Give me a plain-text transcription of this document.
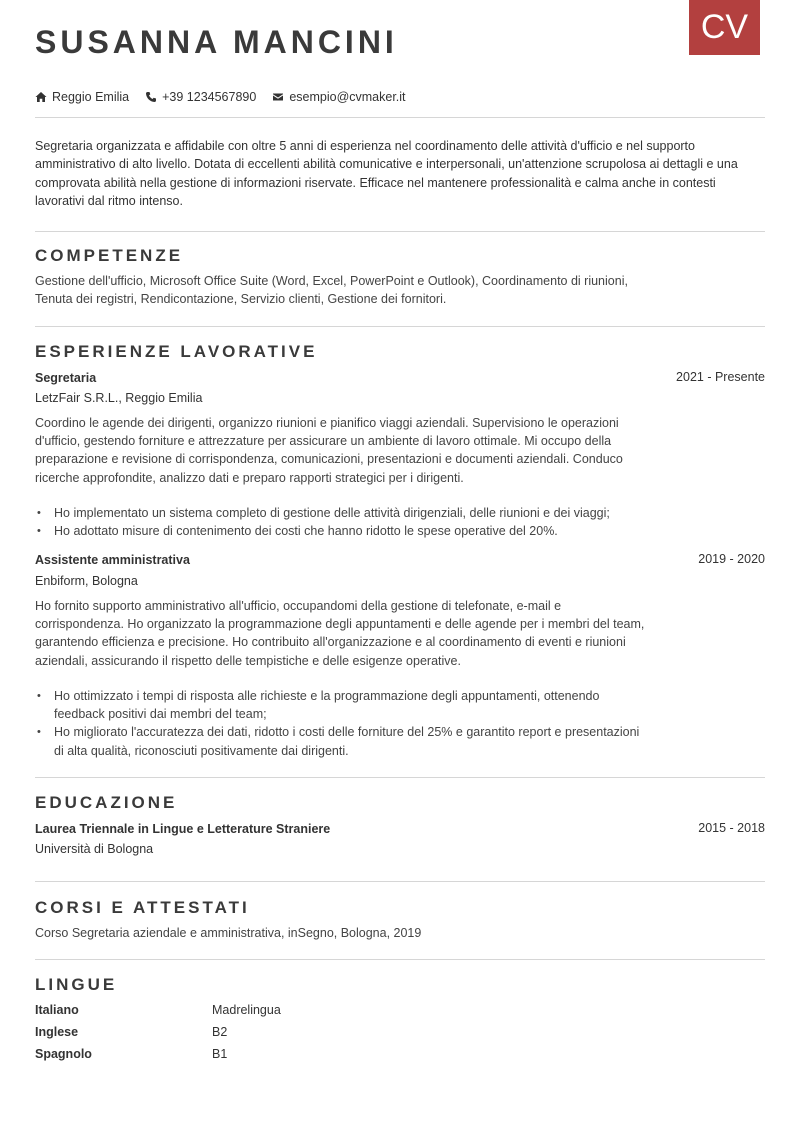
CV
SUSANNA MANCINI
Reggio Emilia	+39 1234567890	esempio@cvmaker.it
Segretaria organizzata e affidabile con oltre 5 anni di esperienza nel coordinamento delle attività d'ufficio e nel supporto amministrativo di alto livello. Dotata di eccellenti abilità comunicative e interpersonali, un'attenzione scrupolosa ai dettagli e una comprovata abilità nella gestione di informazioni riservate. Efficace nel mantenere professionalità e calma anche in contesti lavorativi dal ritmo intenso.
COMPETENZE
Gestione dell'ufficio, Microsoft Office Suite (Word, Excel, PowerPoint e Outlook), Coordinamento di riunioni,
Tenuta dei registri, Rendicontazione, Servizio clienti, Gestione dei fornitori.
ESPERIENZE LAVORATIVE
Segretaria	2021 - Presente
LetzFair S.R.L., Reggio Emilia
Coordino le agende dei dirigenti, organizzo riunioni e pianifico viaggi aziendali. Supervisiono le operazioni d'ufficio, gestendo forniture e attrezzature per assicurare un ambiente di lavoro ottimale. Mi occupo della preparazione e revisione di corrispondenza, comunicazioni, presentazioni e documenti aziendali. Conduco ricerche approfondite, analizzo dati e preparo rapporti strategici per i dirigenti.
• Ho implementato un sistema completo di gestione delle attività dirigenziali, delle riunioni e dei viaggi;
• Ho adottato misure di contenimento dei costi che hanno ridotto le spese operative del 20%.
Assistente amministrativa	2019 - 2020
Enbiform, Bologna
Ho fornito supporto amministrativo all'ufficio, occupandomi della gestione di telefonate, e-mail e corrispondenza. Ho organizzato la programmazione degli appuntamenti e delle agende per i membri del team, garantendo efficienza e precisione. Ho contribuito all'organizzazione e al coordinamento di eventi e riunioni aziendali, assicurando il rispetto delle tempistiche e delle esigenze operative.
• Ho ottimizzato i tempi di risposta alle richieste e la programmazione degli appuntamenti, ottenendo feedback positivi dai membri del team;
• Ho migliorato l'accuratezza dei dati, ridotto i costi delle forniture del 25% e garantito report e presentazioni di alta qualità, riconosciuti positivamente dai dirigenti.
EDUCAZIONE
Laurea Triennale in Lingue e Letterature Straniere	2015 - 2018
Università di Bologna
CORSI E ATTESTATI
Corso Segretaria aziendale e amministrativa, inSegno, Bologna, 2019
LINGUE
Italiano	Madrelingua
Inglese	B2
Spagnolo	B1
